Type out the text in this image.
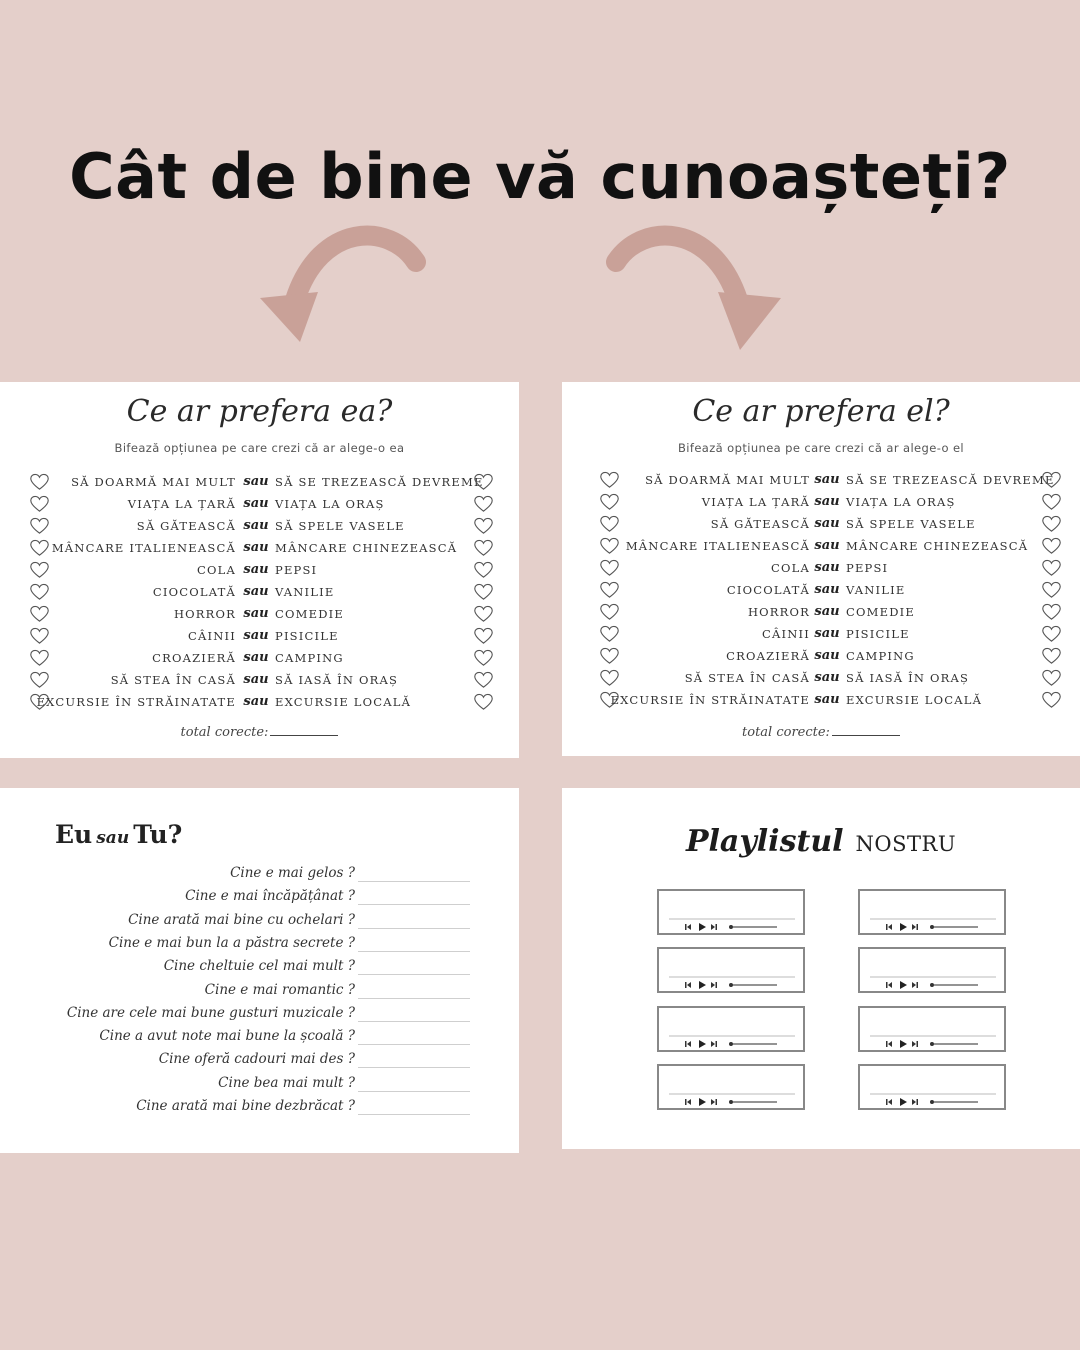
Cât de bine vă cunoașteți?
Ce ar prefera ea?
Bifează opțiunea pe care crezi că ar alege-o ea
SĂ DOARMĂ MAI MULT sau SĂ SE TREZEASCĂ DEVREME
VIAȚA LA ȚARĂ sau VIAȚA LA ORAȘ
SĂ GĂTEASCĂ sau SĂ SPELE VASELE
MÂNCARE ITALIENEASCĂ sau MÂNCARE CHINEZEASCĂ
COLA sau PEPSI
CIOCOLATĂ sau VANILIE
HORROR sau COMEDIE
CÂINII sau PISICILE
CROAZIERĂ sau CAMPING
SĂ STEA ÎN CASĂ sau SĂ IASĂ ÎN ORAȘ
EXCURSIE ÎN STRĂINATATE sau EXCURSIE LOCALĂ
total corecte:
Ce ar prefera el?
Bifează opțiunea pe care crezi că ar alege-o el
SĂ DOARMĂ MAI MULT sau SĂ SE TREZEASCĂ DEVREME
VIAȚA LA ȚARĂ sau VIAȚA LA ORAȘ
SĂ GĂTEASCĂ sau SĂ SPELE VASELE
MÂNCARE ITALIENEASCĂ sau MÂNCARE CHINEZEASCĂ
COLA sau PEPSI
CIOCOLATĂ sau VANILIE
HORROR sau COMEDIE
CÂINII sau PISICILE
CROAZIERĂ sau CAMPING
SĂ STEA ÎN CASĂ sau SĂ IASĂ ÎN ORAȘ
EXCURSIE ÎN STRĂINATATE sau EXCURSIE LOCALĂ
total corecte:
Eu sau Tu?
Cine e mai gelos ?
Cine e mai încăpățânat ?
Cine arată mai bine cu ochelari ?
Cine e mai bun la a păstra secrete ?
Cine cheltuie cel mai mult ?
Cine e mai romantic ?
Cine are cele mai bune gusturi muzicale ?
Cine a avut note mai bune la școală ?
Cine oferă cadouri mai des ?
Cine bea mai mult ?
Cine arată mai bine dezbrăcat ?
Playlistul NOSTRU
